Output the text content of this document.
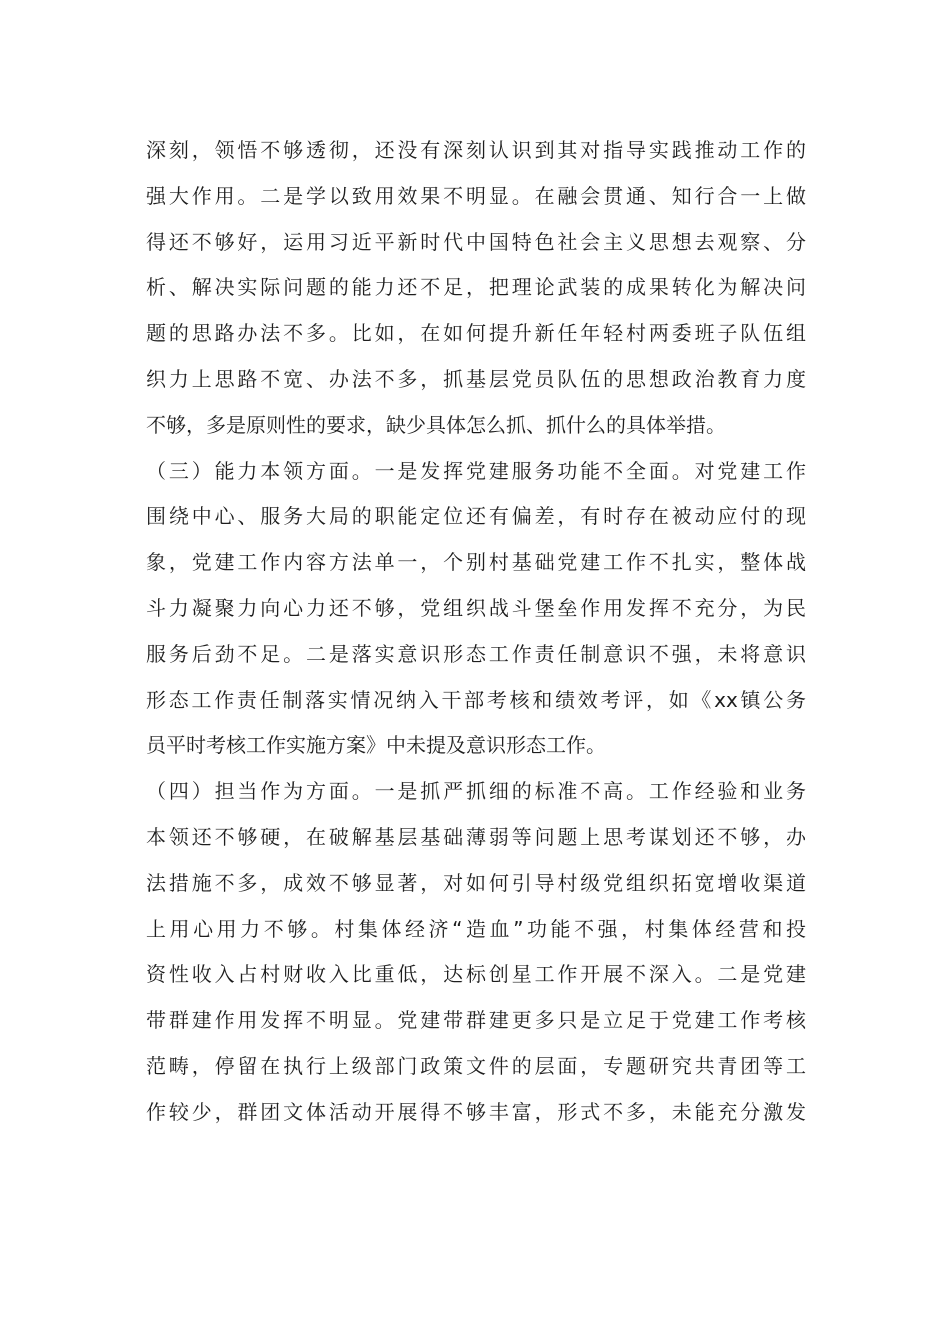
深刻，领悟不够透彻，还没有深刻认识到其对指导实践推动工作的
强大作用。二是学以致用效果不明显。在融会贯通、知行合一上做
得还不够好，运用习近平新时代中国特色社会主义思想去观察、分
析、解决实际问题的能力还不足，把理论武装的成果转化为解决问
题的思路办法不多。比如，在如何提升新任年轻村两委班子队伍组
织力上思路不宽、办法不多，抓基层党员队伍的思想政治教育力度
不够，多是原则性的要求，缺少具体怎么抓、抓什么的具体举措。
（三）能力本领方面。一是发挥党建服务功能不全面。对党建工作
围绕中心、服务大局的职能定位还有偏差，有时存在被动应付的现
象，党建工作内容方法单一，个别村基础党建工作不扎实，整体战
斗力凝聚力向心力还不够，党组织战斗堡垒作用发挥不充分，为民
服务后劲不足。二是落实意识形态工作责任制意识不强，未将意识
形态工作责任制落实情况纳入干部考核和绩效考评，如《xx镇公务
员平时考核工作实施方案》中未提及意识形态工作。
（四）担当作为方面。一是抓严抓细的标准不高。工作经验和业务
本领还不够硬，在破解基层基础薄弱等问题上思考谋划还不够，办
法措施不多，成效不够显著，对如何引导村级党组织拓宽增收渠道
上用心用力不够。村集体经济“造血”功能不强，村集体经营和投
资性收入占村财收入比重低，达标创星工作开展不深入。二是党建
带群建作用发挥不明显。党建带群建更多只是立足于党建工作考核
范畴，停留在执行上级部门政策文件的层面，专题研究共青团等工
作较少，群团文体活动开展得不够丰富，形式不多，未能充分激发
